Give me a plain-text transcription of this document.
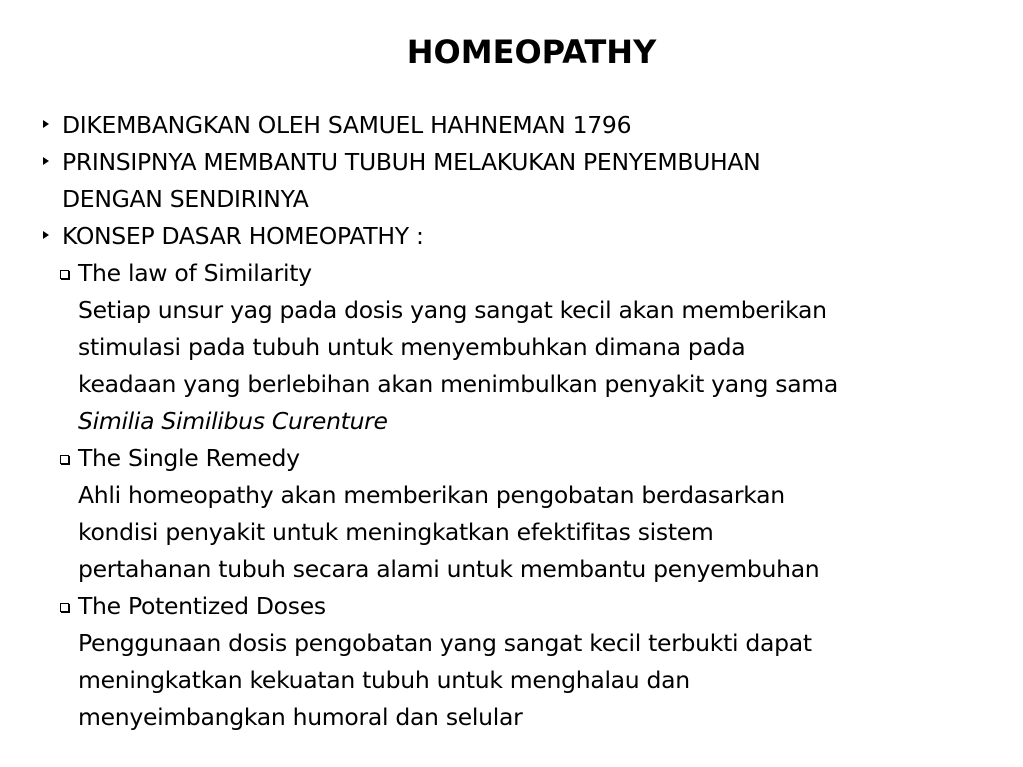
HOMEOPATHY
DIKEMBANGKAN OLEH SAMUEL HAHNEMAN 1796
PRINSIPNYA MEMBANTU TUBUH MELAKUKAN PENYEMBUHAN
DENGAN SENDIRINYA
KONSEP DASAR HOMEOPATHY :
The law of Similarity
Setiap unsur yag pada dosis yang sangat kecil akan memberikan
stimulasi pada tubuh untuk menyembuhkan dimana pada
keadaan yang berlebihan akan menimbulkan penyakit yang sama
Similia Similibus Curenture
The Single Remedy
Ahli homeopathy akan memberikan pengobatan berdasarkan
kondisi penyakit untuk meningkatkan efektifitas sistem
pertahanan tubuh secara alami untuk membantu penyembuhan
The Potentized Doses
Penggunaan dosis pengobatan yang sangat kecil terbukti dapat
meningkatkan kekuatan tubuh untuk menghalau dan
menyeimbangkan humoral dan selular
